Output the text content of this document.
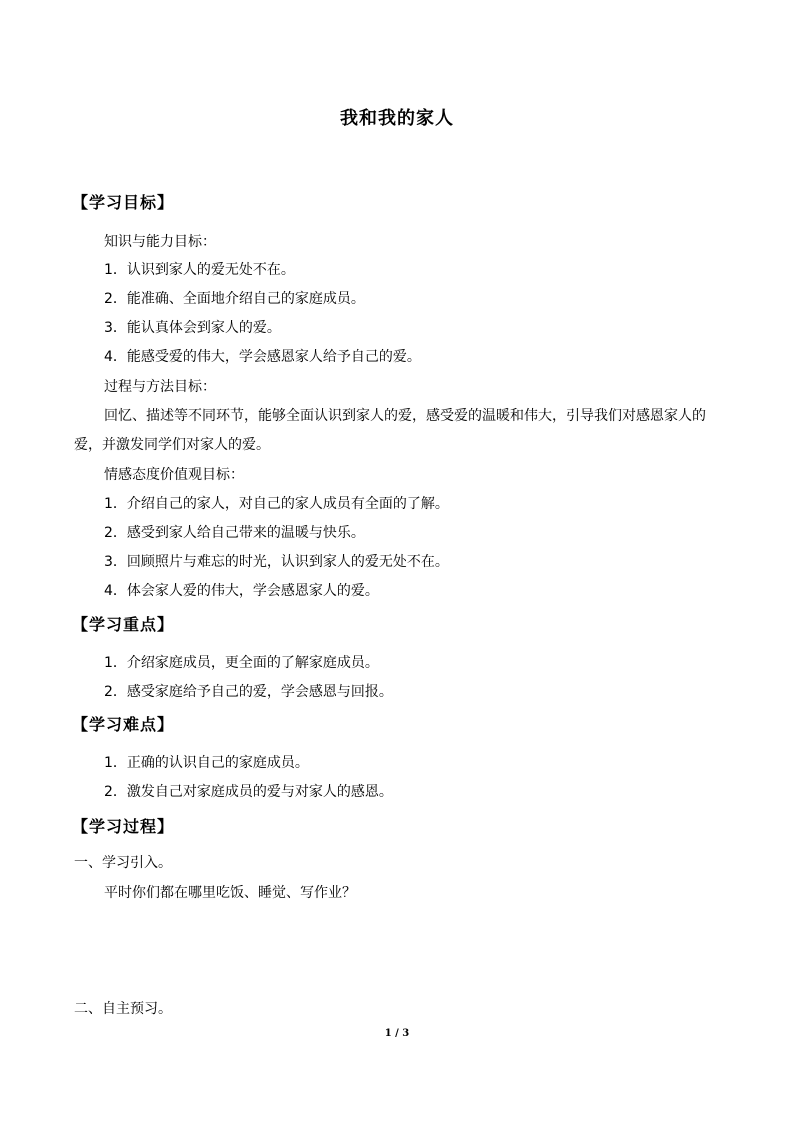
我和我的家人
【学习目标】
知识与能力目标：
1．认识到家人的爱无处不在。
2．能准确、全面地介绍自己的家庭成员。
3．能认真体会到家人的爱。
4．能感受爱的伟大，学会感恩家人给予自己的爱。
过程与方法目标：
回忆、描述等不同环节，能够全面认识到家人的爱，感受爱的温暖和伟大，引导我们对感恩家人的爱，并激发同学们对家人的爱。
情感态度价值观目标：
1．介绍自己的家人，对自己的家人成员有全面的了解。
2．感受到家人给自己带来的温暖与快乐。
3．回顾照片与难忘的时光，认识到家人的爱无处不在。
4．体会家人爱的伟大，学会感恩家人的爱。
【学习重点】
1．介绍家庭成员，更全面的了解家庭成员。
2．感受家庭给予自己的爱，学会感恩与回报。
【学习难点】
1．正确的认识自己的家庭成员。
2．激发自己对家庭成员的爱与对家人的感恩。
【学习过程】
一、学习引入。
平时你们都在哪里吃饭、睡觉、写作业？
二、自主预习。
1 / 3
